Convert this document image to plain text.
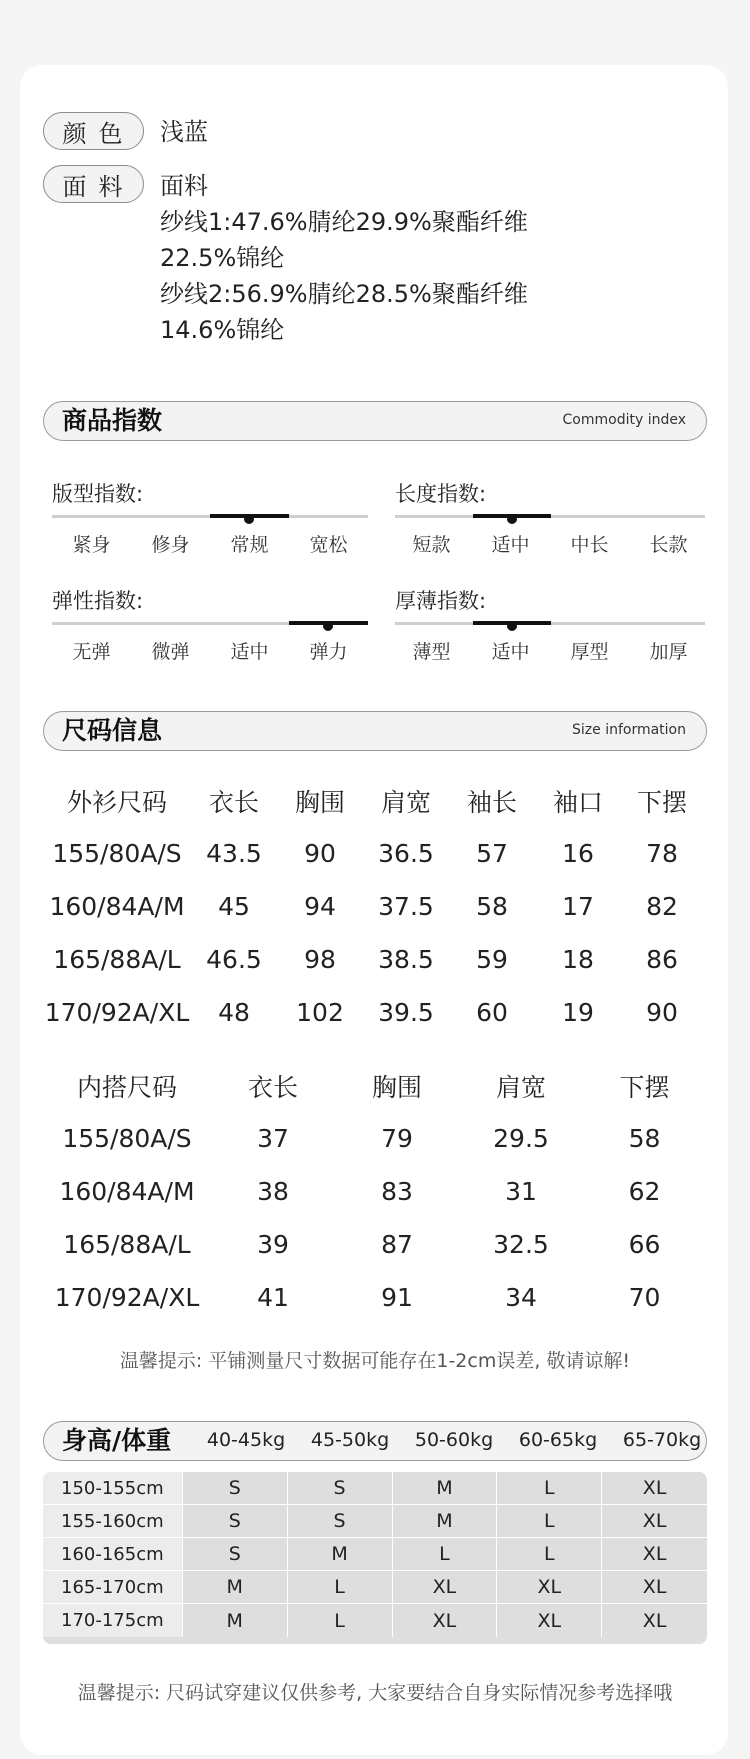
颜色	浅蓝
面料	面料
纱线1:47.6%腈纶29.9%聚酯纤维
22.5%锦纶
纱线2:56.9%腈纶28.5%聚酯纤维
14.6%锦纶
商品指数	Commodity index
版型指数:
紧身	修身	常规	宽松
长度指数:
短款	适中	中长	长款
弹性指数:
无弹	微弹	适中	弹力
厚薄指数:
薄型	适中	厚型	加厚
尺码信息	Size information
外衫尺码	衣长	胸围	肩宽	袖长	袖口	下摆
155/80A/S	43.5	90	36.5	57	16	78
160/84A/M	45	94	37.5	58	17	82
165/88A/L	46.5	98	38.5	59	18	86
170/92A/XL	48	102	39.5	60	19	90
内搭尺码	衣长	胸围	肩宽	下摆
155/80A/S	37	79	29.5	58
160/84A/M	38	83	31	62
165/88A/L	39	87	32.5	66
170/92A/XL	41	91	34	70
温馨提示: 平铺测量尺寸数据可能存在1-2cm误差, 敬请谅解!
身高/体重	40-45kg	45-50kg	50-60kg	60-65kg	65-70kg
150-155cm	S	S	M	L	XL
155-160cm	S	S	M	L	XL
160-165cm	S	M	L	L	XL
165-170cm	M	L	XL	XL	XL
170-175cm	M	L	XL	XL	XL
温馨提示: 尺码试穿建议仅供参考, 大家要结合自身实际情况参考选择哦
